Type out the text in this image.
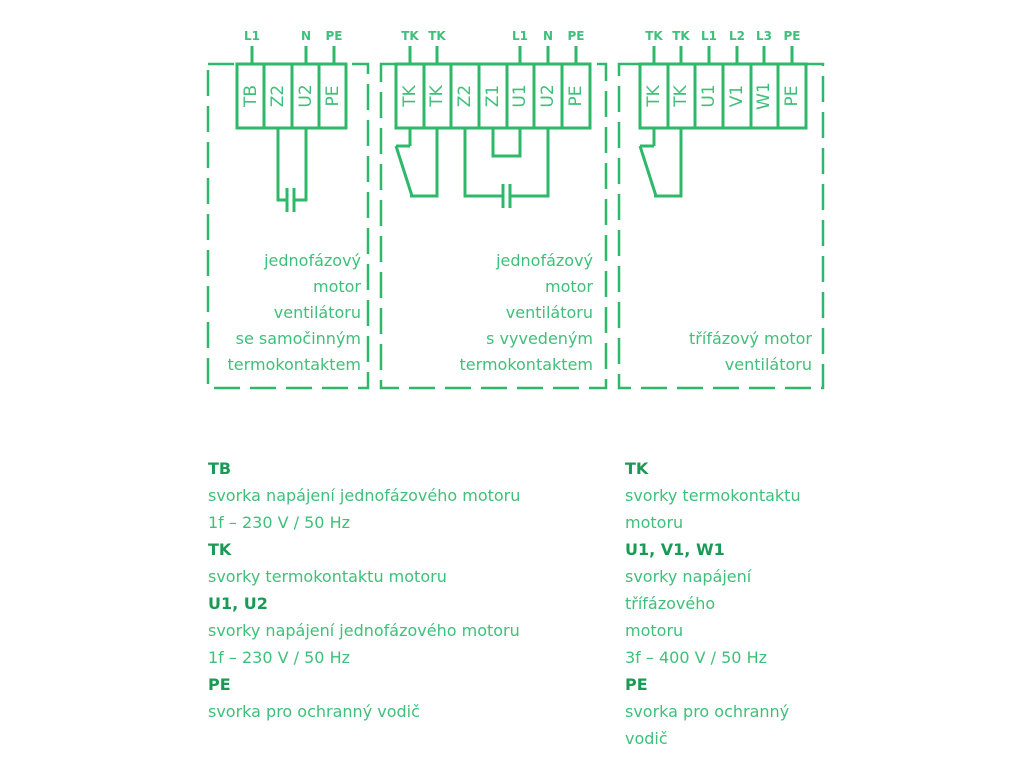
L1	N PE
TB Z2 U2 PE
jednofázový
motor
ventilátoru
se samočinným
termokontaktem
TK TK	L1 N PE
TK TK Z2 Z1 U1 U2 PE
jednofázový
motor
ventilátoru
s vyvedeným
termokontaktem
TK TK L1 L2 L3 PE
TK TK U1 V1 W1 PE
třífázový motor
ventilátoru
TB
svorka napájení jednofázového motoru
1f – 230 V / 50 Hz
TK
svorky termokontaktu motoru
U1, U2
svorky napájení jednofázového motoru
1f – 230 V / 50 Hz
PE
svorka pro ochranný vodič
TK
svorky termokontaktu
motoru
U1, V1, W1
svorky napájení
třífázového
motoru
3f – 400 V / 50 Hz
PE
svorka pro ochranný
vodič
